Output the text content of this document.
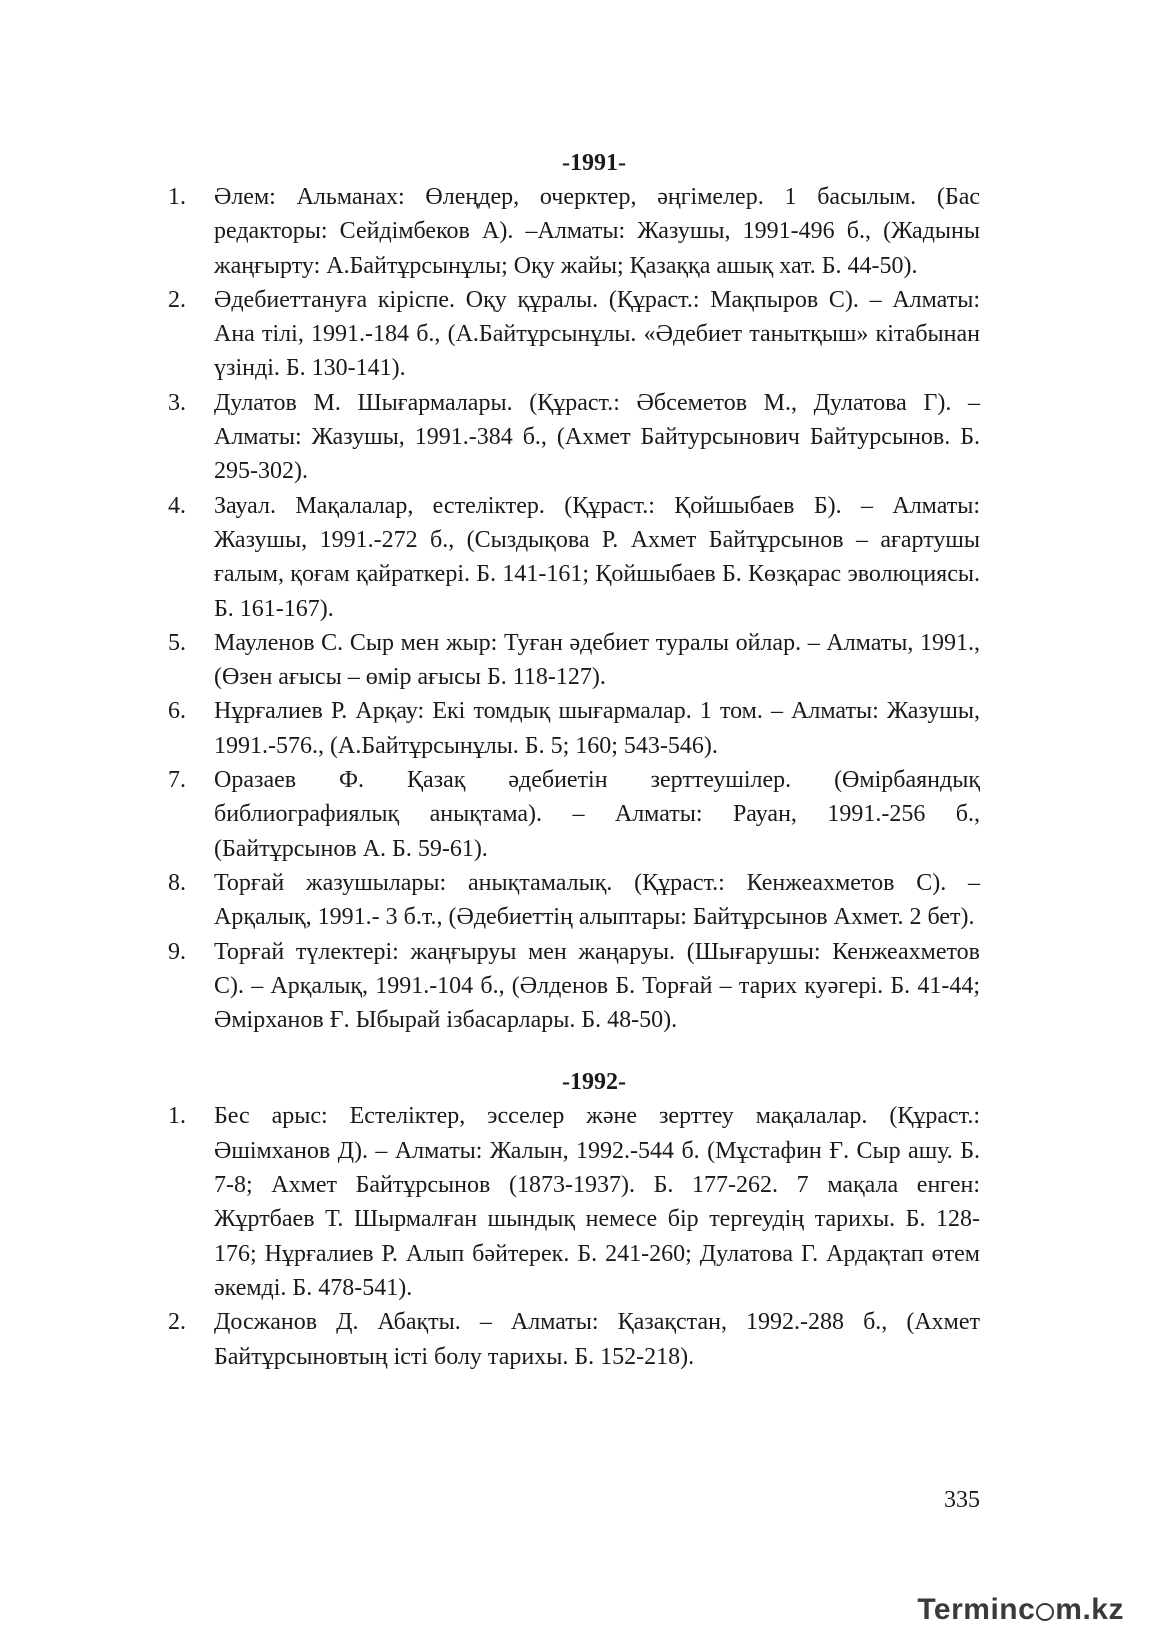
-1991-
1. Әлем: Альманах: Өлеңдер, очерктер, әңгімелер. 1 басылым. (Бас редакторы: Сейдімбеков А). –Алматы: Жазушы, 1991-496 б., (Жадыны жаңғырту: А.Байтұрсынұлы; Оқу жайы; Қазаққа ашық хат. Б. 44-50).
2. Әдебиеттануға кіріспе. Оқу құралы. (Құраст.: Мақпыров С). – Алматы: Ана тілі, 1991.-184 б., (А.Байтұрсынұлы. «Әдебиет танытқыш» кітабынан үзінді. Б. 130-141).
3. Дулатов М. Шығармалары. (Құраст.: Әбсеметов М., Дулатова Г). – Алматы: Жазушы, 1991.-384 б., (Ахмет Байтурсынович Байтурсынов. Б. 295-302).
4. Зауал. Мақалалар, естеліктер. (Құраст.: Қойшыбаев Б). – Алматы: Жазушы, 1991.-272 б., (Сыздықова Р. Ахмет Байтұрсынов – ағартушы ғалым, қоғам қайраткері. Б. 141-161; Қойшыбаев Б. Көзқарас эволюциясы. Б. 161-167).
5. Мауленов С. Сыр мен жыр: Туған әдебиет туралы ойлар. – Алматы, 1991., (Өзен ағысы – өмір ағысы Б. 118-127).
6. Нұрғалиев Р. Арқау: Екі томдық шығармалар. 1 том. – Алматы: Жазушы, 1991.-576., (А.Байтұрсынұлы. Б. 5; 160; 543-546).
7. Оразаев Ф. Қазақ әдебиетін зерттеушілер. (Өмірбаяндық библиографиялық анықтама). – Алматы: Рауан, 1991.-256 б., (Байтұрсынов А. Б. 59-61).
8. Торғай жазушылары: анықтамалық. (Құраст.: Кенжеахметов С). – Арқалық, 1991.- 3 б.т., (Әдебиеттің алыптары: Байтұрсынов Ахмет. 2 бет).
9. Торғай түлектері: жаңғыруы мен жаңаруы. (Шығарушы: Кенжеахметов С). – Арқалық, 1991.-104 б., (Әлденов Б. Торғай – тарих куәгері. Б. 41-44; Әмірханов Ғ. Ыбырай ізбасарлары. Б. 48-50).
-1992-
1. Бес арыс: Естеліктер, эсселер және зерттеу мақалалар. (Құраст.: Әшімханов Д). – Алматы: Жалын, 1992.-544 б. (Мұстафин Ғ. Сыр ашу. Б. 7-8; Ахмет Байтұрсынов (1873-1937). Б. 177-262. 7 мақала енген: Жұртбаев Т. Шырмалған шындық немесе бір тергеудің тарихы. Б. 128-176; Нұрғалиев Р. Алып бәйтерек. Б. 241-260; Дулатова Г. Ардақтап өтем әкемді. Б. 478-541).
2. Досжанов Д. Абақты. – Алматы: Қазақстан, 1992.-288 б., (Ахмет Байтұрсыновтың істі болу тарихы. Б. 152-218).
335
Terminc m.kz
